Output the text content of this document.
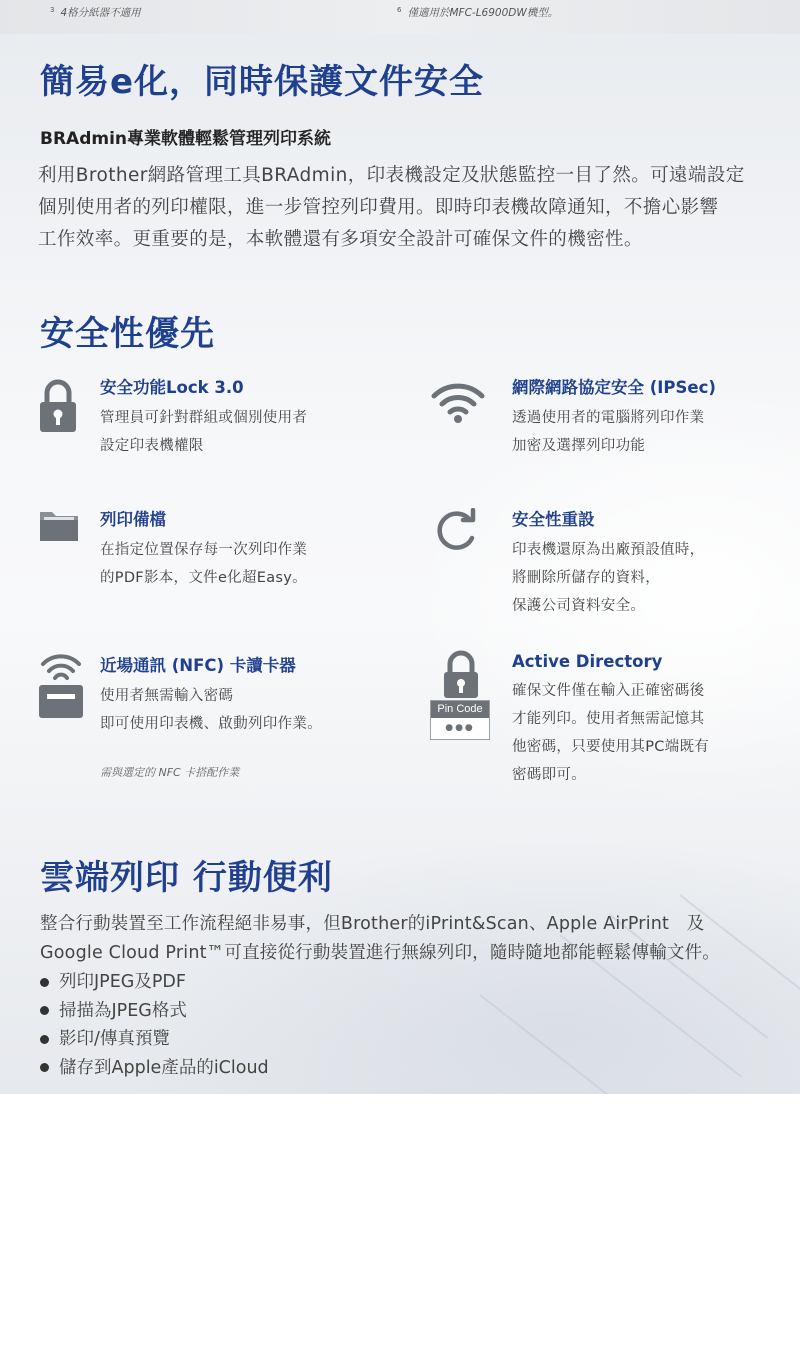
$^3$ 4格分紙器不適用	$^6$ 僅適用於MFC-L6900DW機型。
簡易e化，同時保護文件安全
BRAdmin專業軟體輕鬆管理列印系統
利用Brother網路管理工具BRAdmin，印表機設定及狀態監控一目了然。可遠端設定
個別使用者的列印權限，進一步管控列印費用。即時印表機故障通知，不擔心影響
工作效率。更重要的是，本軟體還有多項安全設計可確保文件的機密性。
安全性優先
安全功能Lock 3.0
管理員可針對群組或個別使用者
設定印表機權限
網際網路協定安全 (IPSec)
透過使用者的電腦將列印作業
加密及選擇列印功能
列印備檔
在指定位置保存每一次列印作業
的PDF影本，文件e化超Easy。
安全性重設
印表機還原為出廠預設值時，
將刪除所儲存的資料，
保護公司資料安全。
近場通訊 (NFC) 卡讀卡器
使用者無需輸入密碼
即可使用印表機、啟動列印作業。
需與選定的 NFC 卡搭配作業
Pin Code
●●●
Active Directory
確保文件僅在輸入正確密碼後
才能列印。使用者無需記憶其
他密碼，只要使用其PC端既有
密碼即可。
雲端列印 行動便利
整合行動裝置至工作流程絕非易事，但Brother的iPrint&Scan、Apple AirPrint　及
Google Cloud Print™可直接從行動裝置進行無線列印，隨時隨地都能輕鬆傳輸文件。
列印JPEG及PDF
掃描為JPEG格式
影印/傳真預覽
儲存到Apple產品的iCloud
